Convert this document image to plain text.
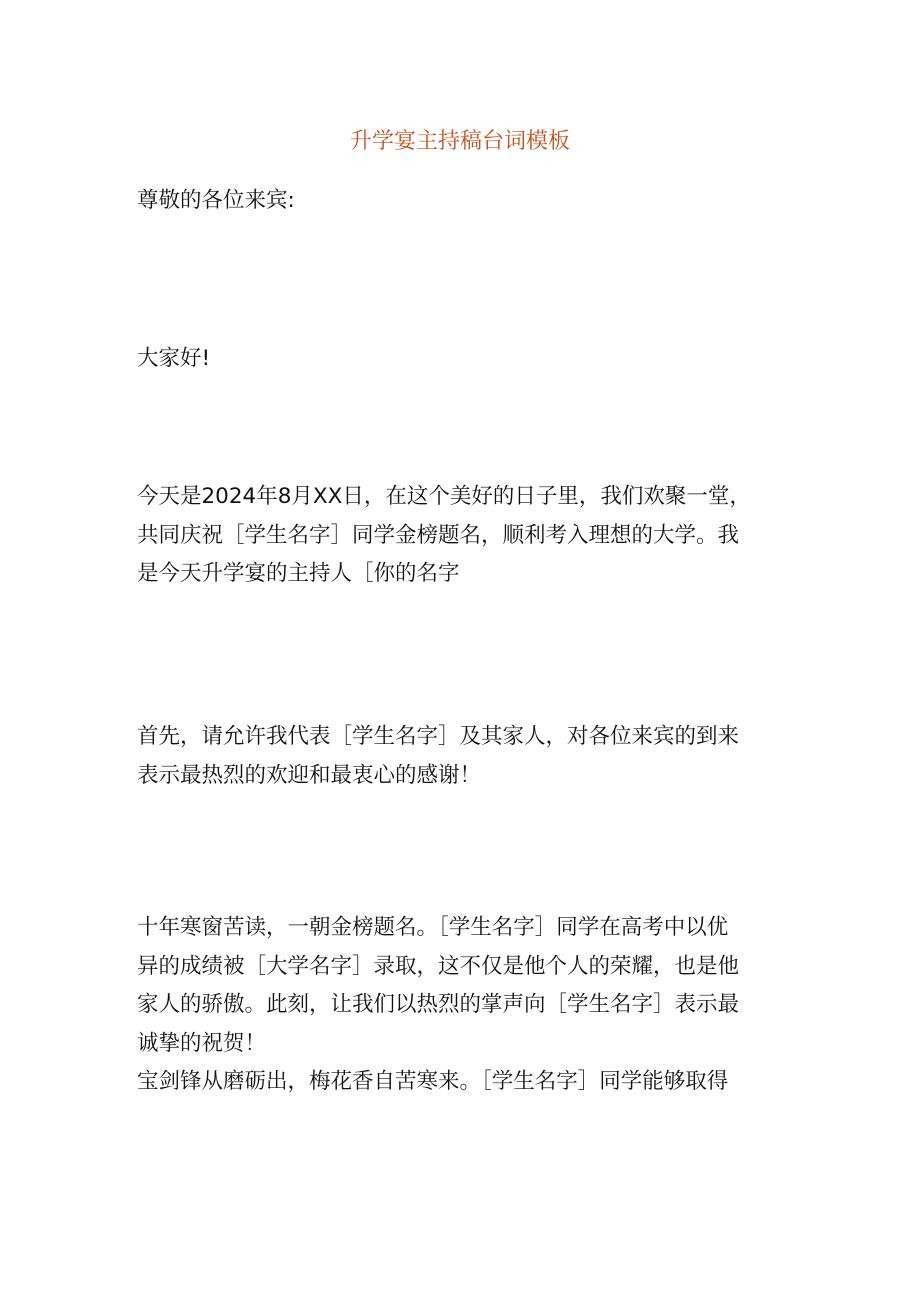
升学宴主持稿台词模板

尊敬的各位来宾:

大家好!

今天是2024年8月XX日，在这个美好的日子里，我们欢聚一堂，
共同庆祝［学生名字］同学金榜题名，顺利考入理想的大学。我
是今天升学宴的主持人［你的名字

首先，请允许我代表［学生名字］及其家人，对各位来宾的到来
表示最热烈的欢迎和最衷心的感谢！

十年寒窗苦读，一朝金榜题名。［学生名字］同学在高考中以优
异的成绩被［大学名字］录取，这不仅是他个人的荣耀，也是他
家人的骄傲。此刻，让我们以热烈的掌声向［学生名字］表示最
诚挚的祝贺！
宝剑锋从磨砺出，梅花香自苦寒来。［学生名字］同学能够取得
